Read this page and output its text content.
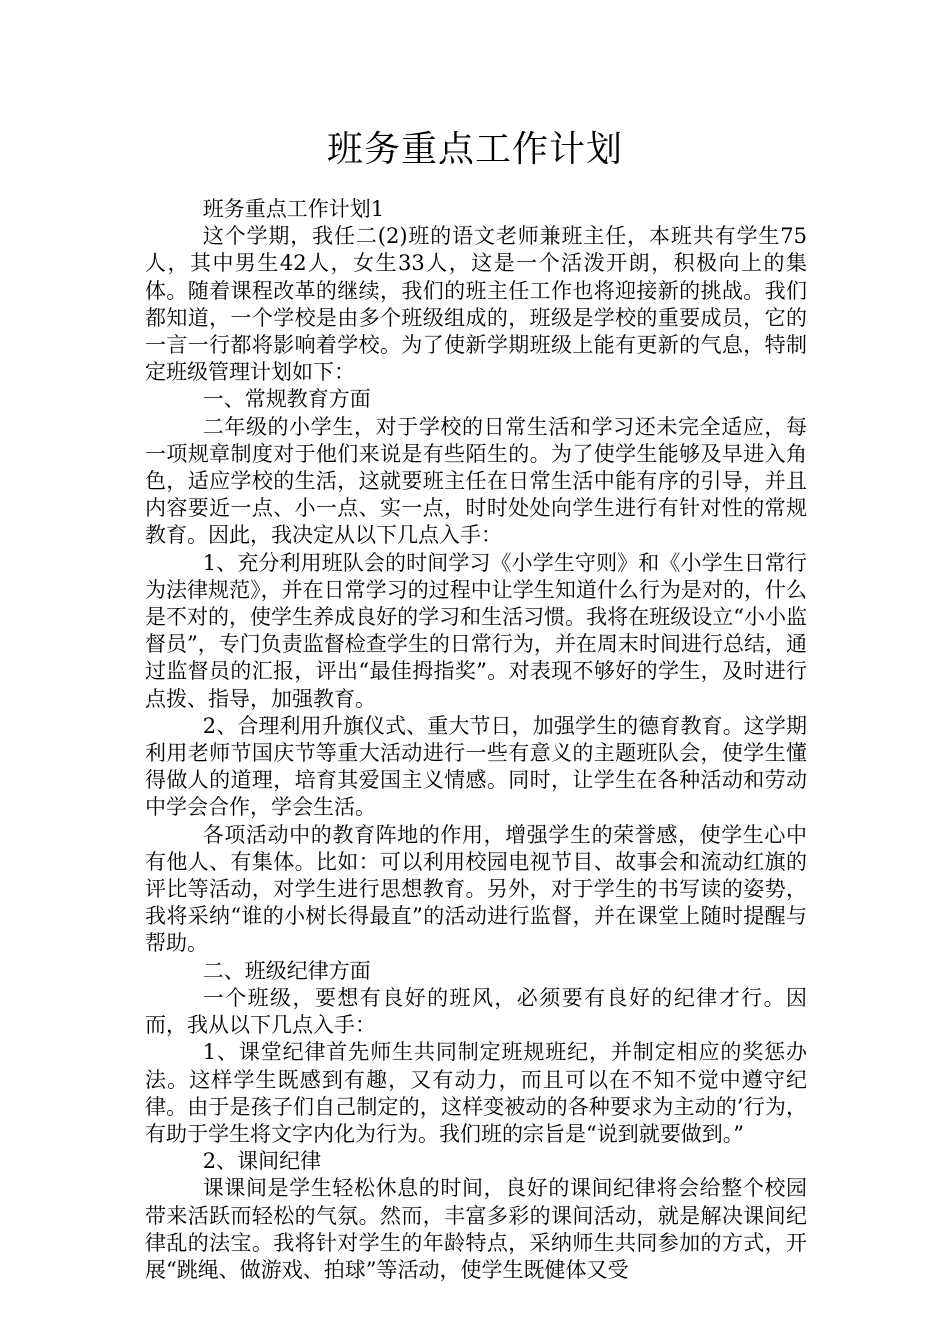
班务重点工作计划

班务重点工作计划1

这个学期，我任二(2)班的语文老师兼班主任，本班共有学生75人，其中男生42人，女生33人，这是一个活泼开朗，积极向上的集体。随着课程改革的继续，我们的班主任工作也将迎接新的挑战。我们都知道，一个学校是由多个班级组成的，班级是学校的重要成员，它的一言一行都将影响着学校。为了使新学期班级上能有更新的气息，特制定班级管理计划如下：

一、常规教育方面

二年级的小学生，对于学校的日常生活和学习还未完全适应，每一项规章制度对于他们来说是有些陌生的。为了使学生能够及早进入角色，适应学校的生活，这就要班主任在日常生活中能有序的引导，并且内容要近一点、小一点、实一点，时时处处向学生进行有针对性的常规教育。因此，我决定从以下几点入手：

1、充分利用班队会的时间学习《小学生守则》和《小学生日常行为法律规范》，并在日常学习的过程中让学生知道什么行为是对的，什么是不对的，使学生养成良好的学习和生活习惯。我将在班级设立“小小监督员”，专门负责监督检查学生的日常行为，并在周末时间进行总结，通过监督员的汇报，评出“最佳拇指奖”。对表现不够好的学生，及时进行点拨、指导，加强教育。

2、合理利用升旗仪式、重大节日，加强学生的德育教育。这学期利用老师节国庆节等重大活动进行一些有意义的主题班队会，使学生懂得做人的道理，培育其爱国主义情感。同时，让学生在各种活动和劳动中学会合作，学会生活。

各项活动中的教育阵地的作用，增强学生的荣誉感，使学生心中有他人、有集体。比如：可以利用校园电视节目、故事会和流动红旗的评比等活动，对学生进行思想教育。另外，对于学生的书写读的姿势，我将采纳“谁的小树长得最直”的活动进行监督，并在课堂上随时提醒与帮助。

二、班级纪律方面

一个班级，要想有良好的班风，必须要有良好的纪律才行。因而，我从以下几点入手：

1、课堂纪律首先师生共同制定班规班纪，并制定相应的奖惩办法。这样学生既感到有趣，又有动力，而且可以在不知不觉中遵守纪律。由于是孩子们自己制定的，这样变被动的各种要求为主动的’行为，有助于学生将文字内化为行为。我们班的宗旨是“说到就要做到。”

2、课间纪律

课课间是学生轻松休息的时间，良好的课间纪律将会给整个校园带来活跃而轻松的气氛。然而，丰富多彩的课间活动，就是解决课间纪律乱的法宝。我将针对学生的年龄特点，采纳师生共同参加的方式，开展“跳绳、做游戏、拍球”等活动，使学生既健体又受
